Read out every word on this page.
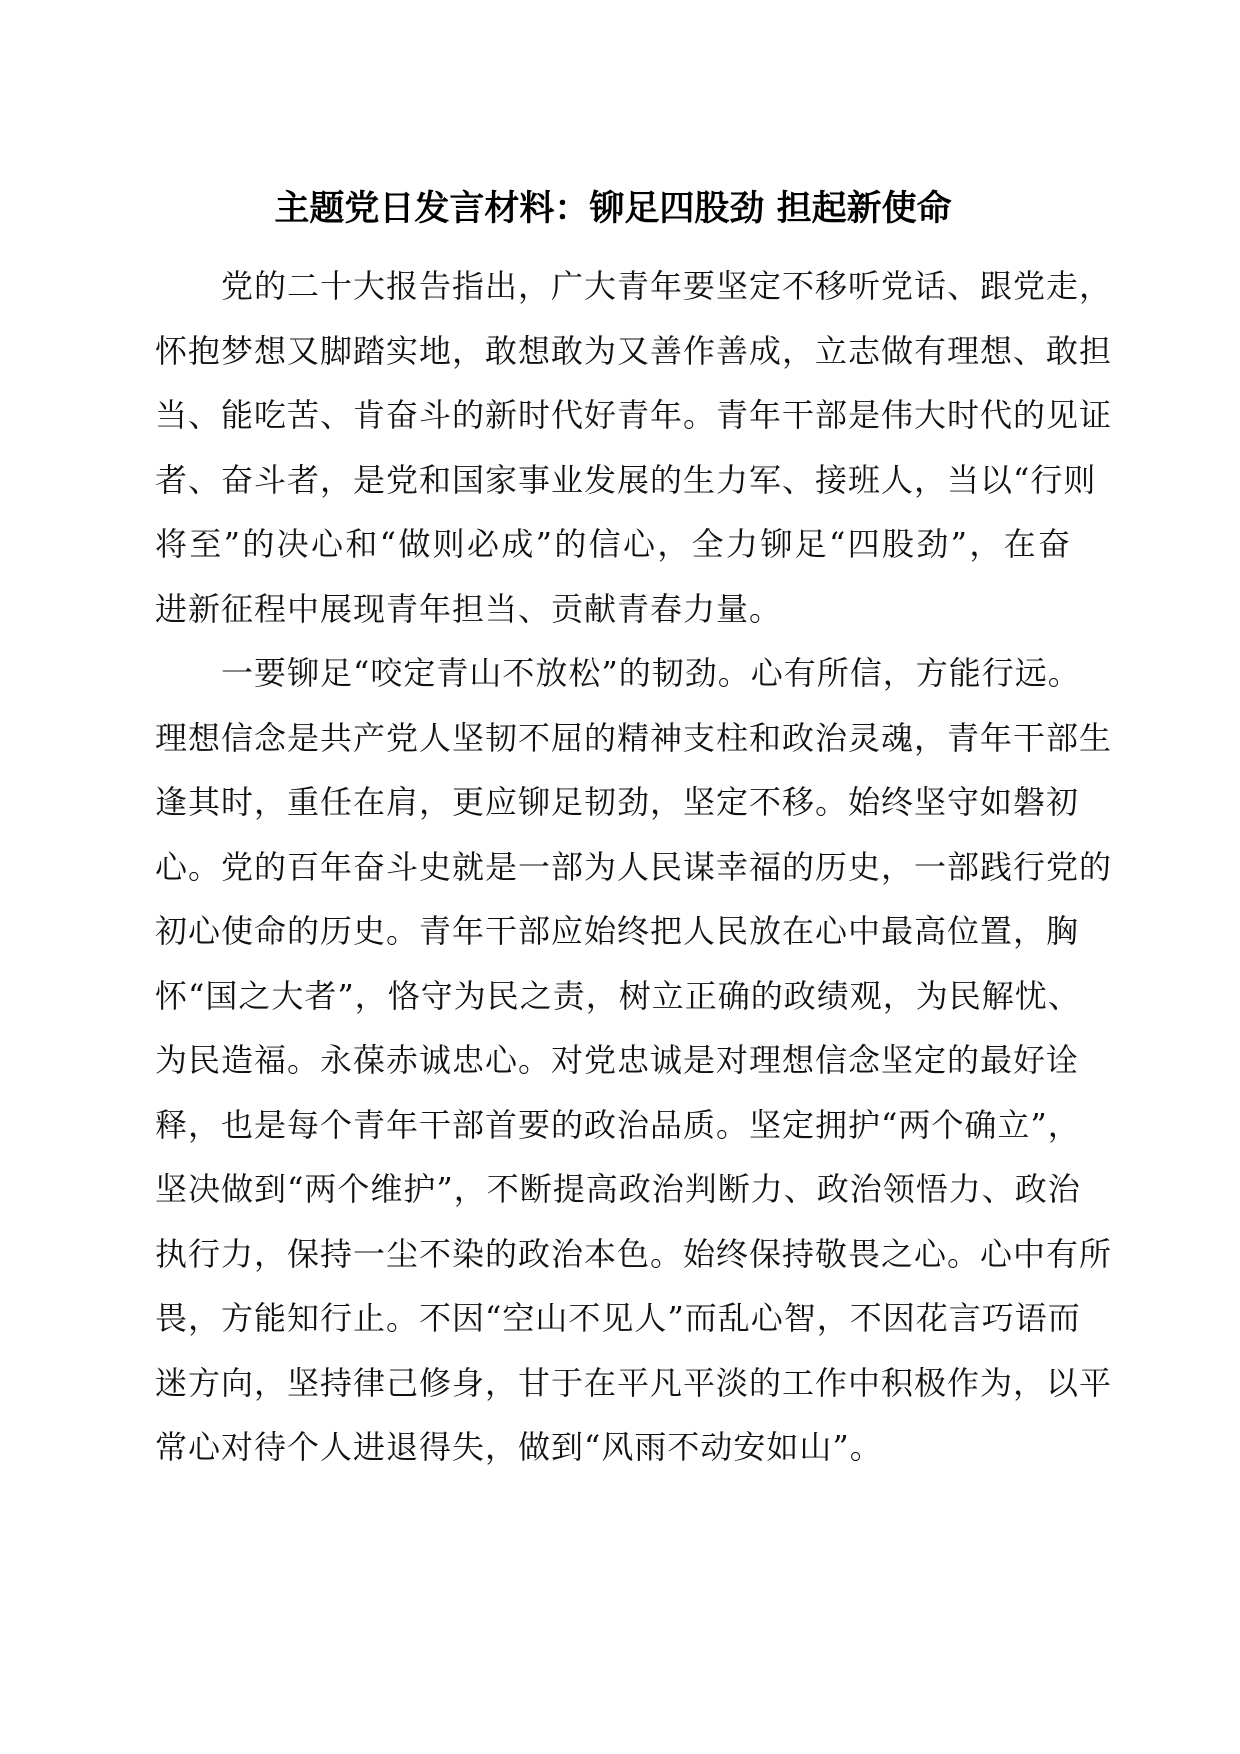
主题党日发言材料：铆足四股劲 担起新使命

党的二十大报告指出，广大青年要坚定不移听党话、跟党走，
怀抱梦想又脚踏实地，敢想敢为又善作善成，立志做有理想、敢担
当、能吃苦、肯奋斗的新时代好青年。青年干部是伟大时代的见证
者、奋斗者，是党和国家事业发展的生力军、接班人，当以“行则
将至”的决心和“做则必成”的信心，全力铆足“四股劲”，在奋
进新征程中展现青年担当、贡献青春力量。

一要铆足“咬定青山不放松”的韧劲。心有所信，方能行远。
理想信念是共产党人坚韧不屈的精神支柱和政治灵魂，青年干部生
逢其时，重任在肩，更应铆足韧劲，坚定不移。始终坚守如磐初
心。党的百年奋斗史就是一部为人民谋幸福的历史，一部践行党的
初心使命的历史。青年干部应始终把人民放在心中最高位置，胸
怀“国之大者”，恪守为民之责，树立正确的政绩观，为民解忧、
为民造福。永葆赤诚忠心。对党忠诚是对理想信念坚定的最好诠
释，也是每个青年干部首要的政治品质。坚定拥护“两个确立”，
坚决做到“两个维护”，不断提高政治判断力、政治领悟力、政治
执行力，保持一尘不染的政治本色。始终保持敬畏之心。心中有所
畏，方能知行止。不因“空山不见人”而乱心智，不因花言巧语而
迷方向，坚持律己修身，甘于在平凡平淡的工作中积极作为，以平
常心对待个人进退得失，做到“风雨不动安如山”。
